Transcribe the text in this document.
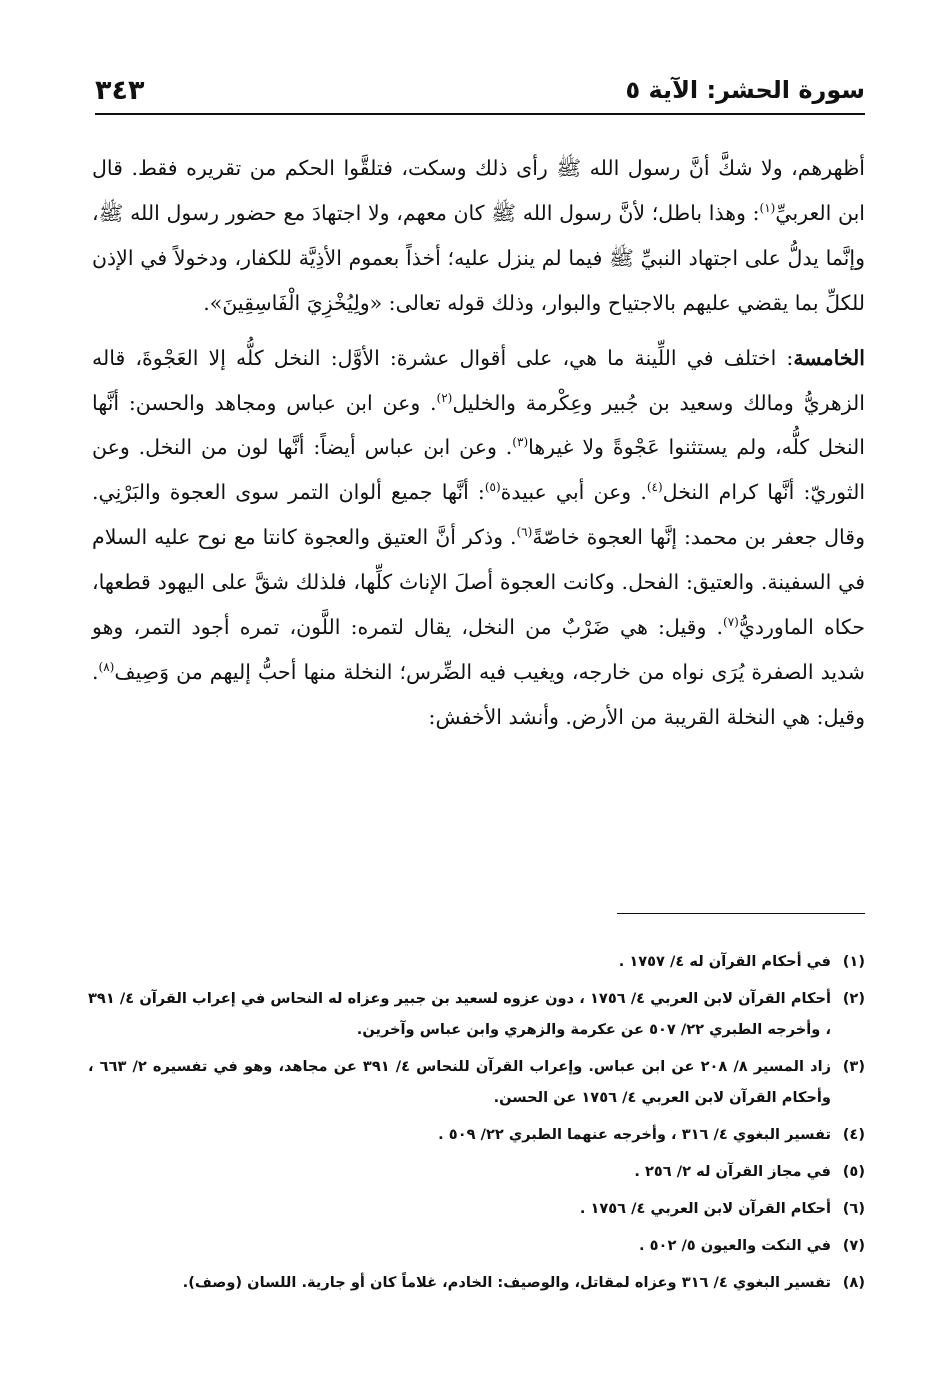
سورة الحشر: الآية ٥
٣٤٣

أظهرهم، ولا شكَّ أنَّ رسول الله ﷺ رأى ذلك وسكت، فتلقَّوا الحكم من تقريره فقط. قال ابن العربيِّ$^{(١)}$: وهذا باطل؛ لأنَّ رسول الله ﷺ كان معهم، ولا اجتهادَ مع حضور رسول الله ﷺ، وإنَّما يدلُّ على اجتهاد النبيِّ ﷺ فيما لم ينزل عليه؛ أخذاً بعموم الأذِيَّة للكفار، ودخولاً في الإذن للكلِّ بما يقضي عليهم بالاجتياح والبوار، وذلك قوله تعالى: «ولِيُخْزِيَ الْفَاسِقِينَ».

الخامسة: اختلف في اللِّينة ما هي، على أقوال عشرة: الأوَّل: النخل كلُّه إلا العَجْوةَ، قاله الزهريُّ ومالك وسعيد بن جُبير وعِكْرمة والخليل$^{(٢)}$. وعن ابن عباس ومجاهد والحسن: أنَّها النخل كلُّه، ولم يستثنوا عَجْوةً ولا غيرها$^{(٣)}$. وعن ابن عباس أيضاً: أنَّها لون من النخل. وعن الثوريّ: أنَّها كرام النخل$^{(٤)}$. وعن أبي عبيدة$^{(٥)}$: أنَّها جميع ألوان التمر سوى العجوة والبَرْنِي. وقال جعفر بن محمد: إنَّها العجوة خاصّةً$^{(٦)}$. وذكر أنَّ العتيق والعجوة كانتا مع نوح عليه السلام في السفينة. والعتيق: الفحل. وكانت العجوة أصلَ الإناث كلِّها، فلذلك شقَّ على اليهود قطعها، حكاه الماورديُّ$^{(٧)}$. وقيل: هي ضَرْبٌ من النخل، يقال لتمره: اللَّون، تمره أجود التمر، وهو شديد الصفرة يُرَى نواه من خارجه، ويغيب فيه الضِّرس؛ النخلة منها أحبُّ إليهم من وَصِيف$^{(٨)}$. وقيل: هي النخلة القريبة من الأرض. وأنشد الأخفش:

(١)
في أحكام القرآن له ٤/ ١٧٥٧ .
(٢)
أحكام القرآن لابن العربي ٤/ ١٧٥٦ ، دون عزوه لسعيد بن جبير وعزاه له النحاس في إعراب القرآن ٤/ ٣٩١ ، وأخرجه الطبري ٢٢/ ٥٠٧ عن عكرمة والزهري وابن عباس وآخرين.
(٣)
زاد المسير ٨/ ٢٠٨ عن ابن عباس. وإعراب القرآن للنحاس ٤/ ٣٩١ عن مجاهد، وهو في تفسيره ٢/ ٦٦٣ ، وأحكام القرآن لابن العربي ٤/ ١٧٥٦ عن الحسن.
(٤)
تفسير البغوي ٤/ ٣١٦ ، وأخرجه عنهما الطبري ٢٢/ ٥٠٩ .
(٥)
في مجاز القرآن له ٢/ ٢٥٦ .
(٦)
أحكام القرآن لابن العربي ٤/ ١٧٥٦ .
(٧)
في النكت والعيون ٥/ ٥٠٢ .
(٨)
تفسير البغوي ٤/ ٣١٦ وعزاه لمقاتل، والوصيف: الخادم، غلاماً كان أو جارية. اللسان (وصف).
